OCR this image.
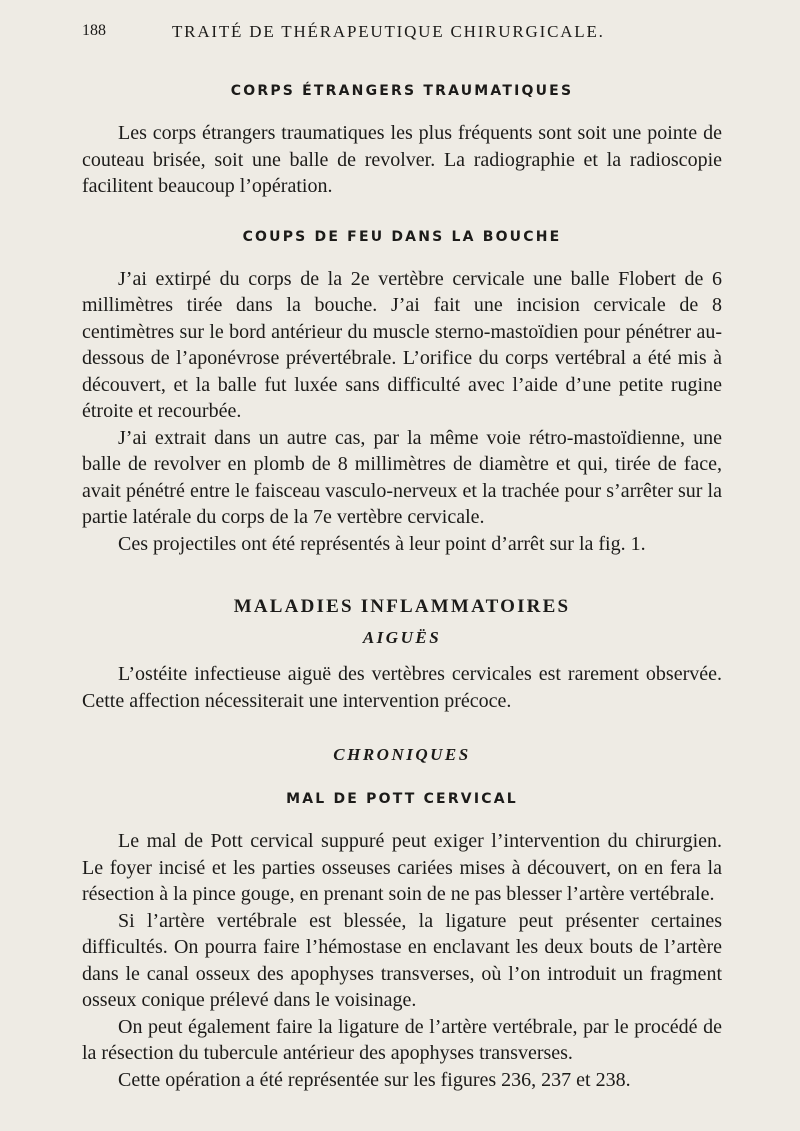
188	TRAITÉ DE THÉRAPEUTIQUE CHIRURGICALE.
CORPS ÉTRANGERS TRAUMATIQUES

Les corps étrangers traumatiques les plus fréquents sont soit une pointe de couteau brisée, soit une balle de revolver. La radiographie et la radioscopie facilitent beaucoup l’opération.

COUPS DE FEU DANS LA BOUCHE

J’ai extirpé du corps de la 2e vertèbre cervicale une balle Flobert de 6 millimètres tirée dans la bouche. J’ai fait une incision cervicale de 8 centimètres sur le bord antérieur du muscle sterno-mastoïdien pour pénétrer au-dessous de l’aponévrose prévertébrale. L’orifice du corps vertébral a été mis à découvert, et la balle fut luxée sans difficulté avec l’aide d’une petite rugine étroite et recourbée.

J’ai extrait dans un autre cas, par la même voie rétro-mastoïdienne, une balle de revolver en plomb de 8 millimètres de diamètre et qui, tirée de face, avait pénétré entre le faisceau vasculo-nerveux et la trachée pour s’arrêter sur la partie latérale du corps de la 7e vertèbre cervicale.

Ces projectiles ont été représentés à leur point d’arrêt sur la fig. 1.

MALADIES INFLAMMATOIRES
AIGUËS

L’ostéite infectieuse aiguë des vertèbres cervicales est rarement observée. Cette affection nécessiterait une intervention précoce.

CHRONIQUES
MAL DE POTT CERVICAL

Le mal de Pott cervical suppuré peut exiger l’intervention du chirurgien. Le foyer incisé et les parties osseuses cariées mises à découvert, on en fera la résection à la pince gouge, en prenant soin de ne pas blesser l’artère vertébrale.

Si l’artère vertébrale est blessée, la ligature peut présenter certaines difficultés. On pourra faire l’hémostase en enclavant les deux bouts de l’artère dans le canal osseux des apophyses transverses, où l’on introduit un fragment osseux conique prélevé dans le voisinage.

On peut également faire la ligature de l’artère vertébrale, par le procédé de la résection du tubercule antérieur des apophyses transverses.

Cette opération a été représentée sur les figures 236, 237 et 238.
